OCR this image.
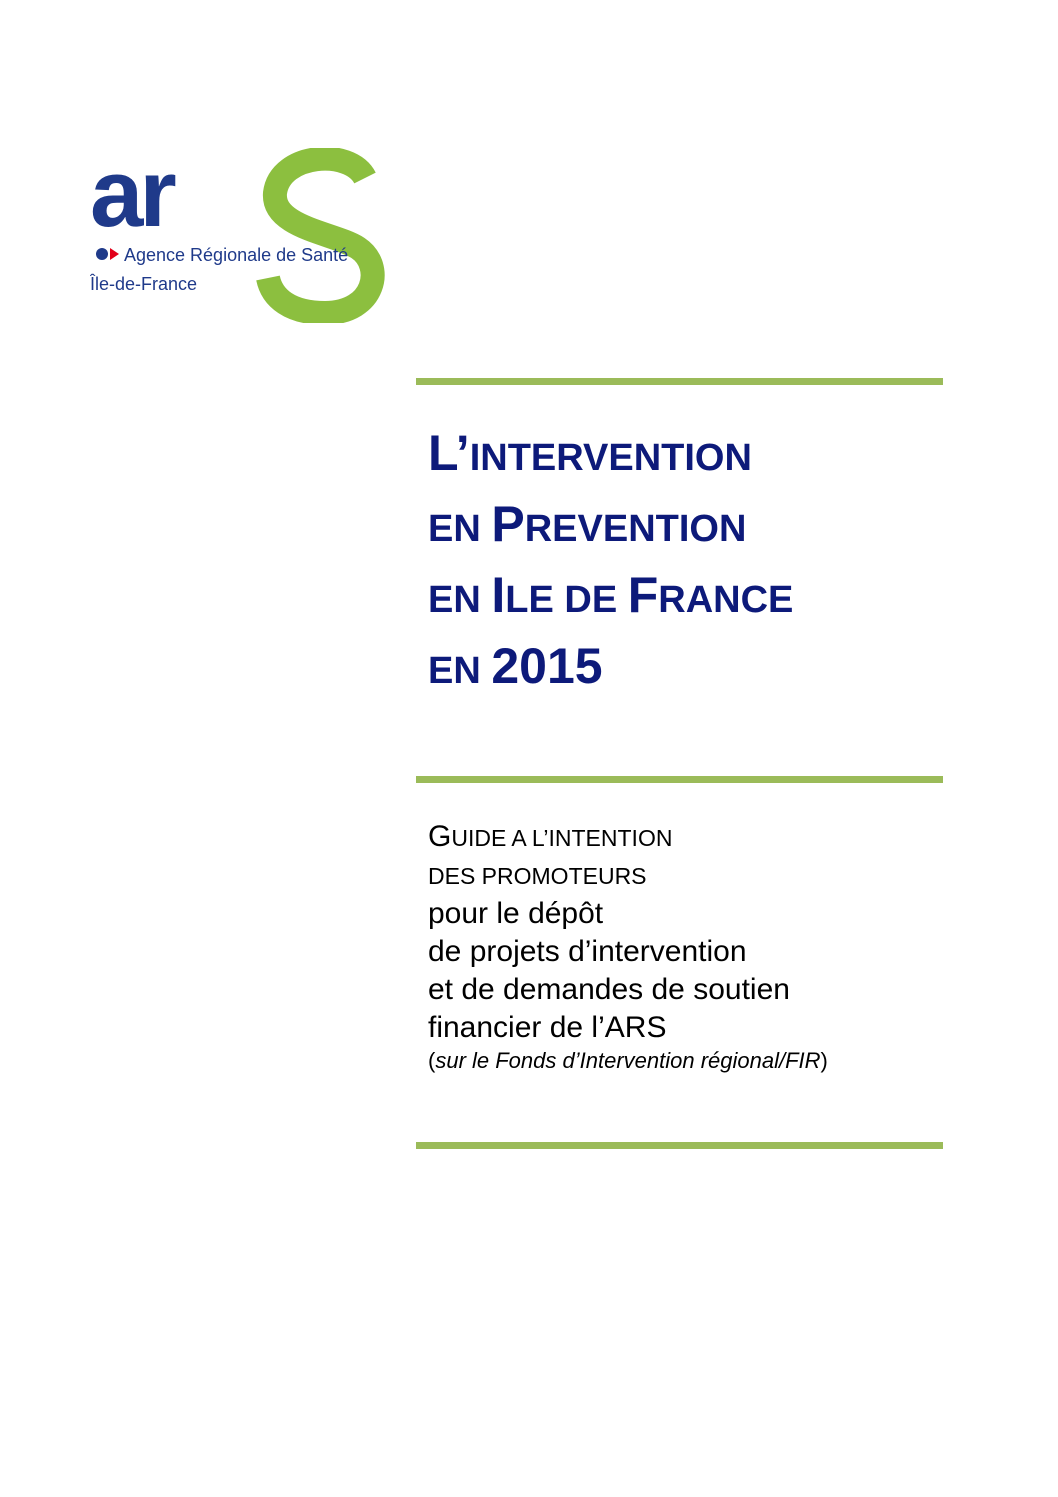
ar
Agence Régionale de Santé
Île-de-France
L’INTERVENTION
EN PREVENTION
EN ILE DE FRANCE
EN 2015
GUIDE A L’INTENTION
DES PROMOTEURS
pour le dépôt
de projets d’intervention
et de demandes de soutien
financier de l’ARS
(sur le Fonds d’Intervention régional/FIR)
